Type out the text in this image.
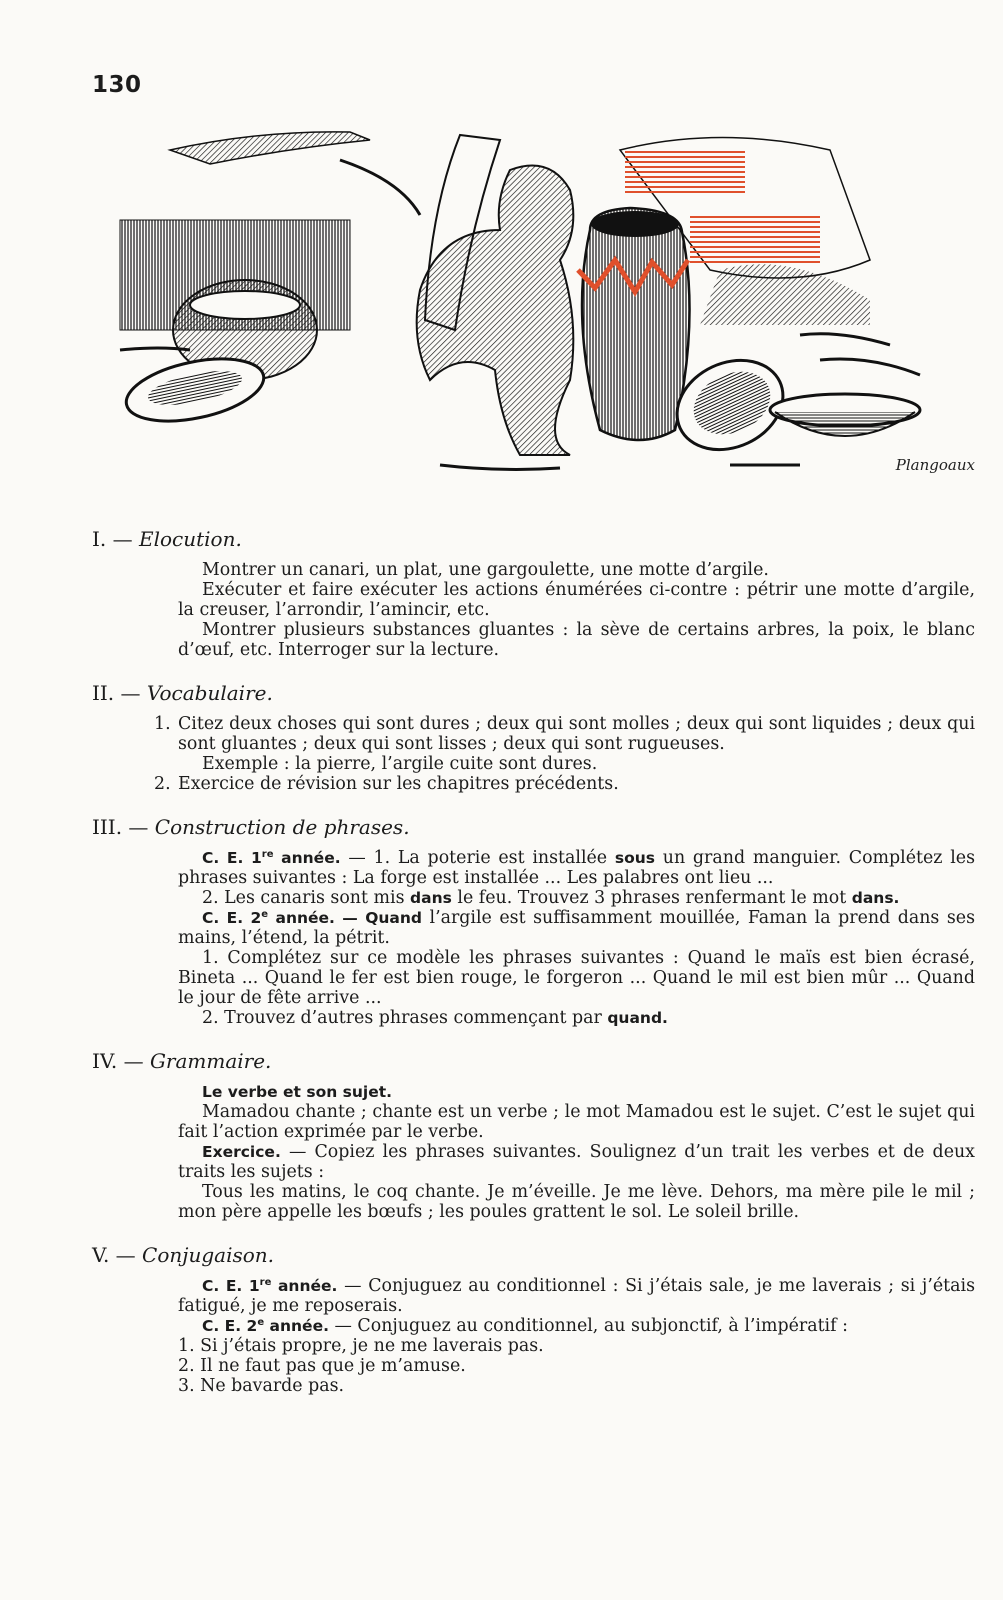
130
Plangoaux
I. — Elocution.

Montrer un canari, un plat, une gargoulette, une motte d’argile.

Exécuter et faire exécuter les actions énumérées ci-contre : pétrir une motte d’argile, la creuser, l’arrondir, l’amincir, etc.

Montrer plusieurs substances gluantes : la sève de certains arbres, la poix, le blanc d’œuf, etc. Interroger sur la lecture.

II. — Vocabulaire.
1. Citez deux choses qui sont dures ; deux qui sont molles ; deux qui sont liquides ; deux qui sont gluantes ; deux qui sont lisses ; deux qui sont rugueuses.
Exemple : la pierre, l’argile cuite sont dures.
2. Exercice de révision sur les chapitres précédents.
III. — Construction de phrases.

C. E. 1re année. — 1. La poterie est installée sous un grand manguier. Complétez les phrases suivantes : La forge est installée ... Les palabres ont lieu ...

2. Les canaris sont mis dans le feu. Trouvez 3 phrases renfermant le mot dans.

C. E. 2e année. — Quand l’argile est suffisamment mouillée, Faman la prend dans ses mains, l’étend, la pétrit.

1. Complétez sur ce modèle les phrases suivantes : Quand le maïs est bien écrasé, Bineta ... Quand le fer est bien rouge, le forgeron ... Quand le mil est bien mûr ... Quand le jour de fête arrive ...

2. Trouvez d’autres phrases commençant par quand.

IV. — Grammaire.

Le verbe et son sujet.

Mamadou chante ; chante est un verbe ; le mot Mamadou est le sujet. C’est le sujet qui fait l’action exprimée par le verbe.

Exercice. — Copiez les phrases suivantes. Soulignez d’un trait les verbes et de deux traits les sujets :

Tous les matins, le coq chante. Je m’éveille. Je me lève. Dehors, ma mère pile le mil ; mon père appelle les bœufs ; les poules grattent le sol. Le soleil brille.

V. — Conjugaison.

C. E. 1re année. — Conjuguez au conditionnel : Si j’étais sale, je me laverais ; si j’étais fatigué, je me reposerais.

C. E. 2e année. — Conjuguez au conditionnel, au subjonctif, à l’impératif :

1. Si j’étais propre, je ne me laverais pas.

2. Il ne faut pas que je m’amuse.

3. Ne bavarde pas.
